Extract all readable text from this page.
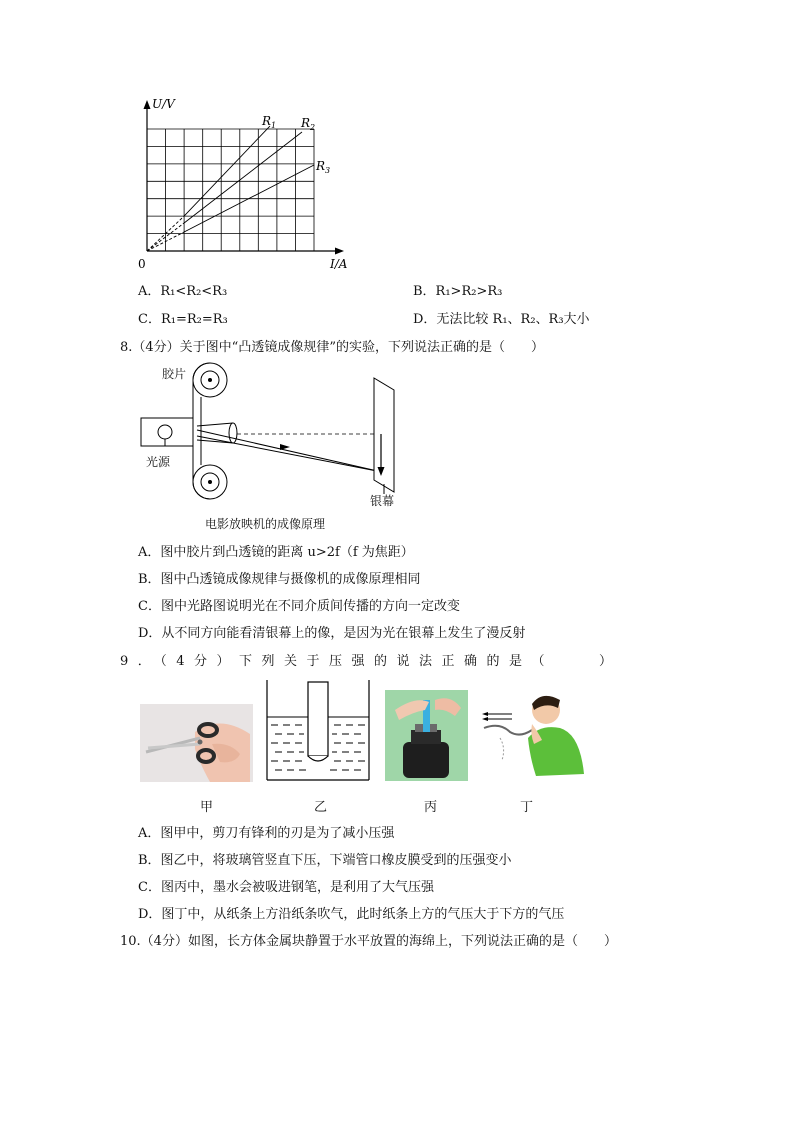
U/V
I/A
0
$R_1$ $R_2$
$R_3$
A．R₁<R₂<R₃	B．R₁>R₂>R₃
C．R₁=R₂=R₃	D．无法比较 R₁、R₂、R₃大小
8.（4分）关于图中“凸透镜成像规律”的实验，下列说法正确的是（　　）
胶片
光源
银幕
电影放映机的成像原理
A．图中胶片到凸透镜的距离 u>2f（f 为焦距）
B．图中凸透镜成像规律与摄像机的成像原理相同
C．图中光路图说明光在不同介质间传播的方向一定改变
D．从不同方向能看清银幕上的像，是因为光在银幕上发生了漫反射
9．（4分）下列关于压强的说法正确的是（　　）
甲	乙	丙	丁
A．图甲中，剪刀有锋利的刃是为了减小压强
B．图乙中，将玻璃管竖直下压，下端管口橡皮膜受到的压强变小
C．图丙中，墨水会被吸进钢笔，是利用了大气压强
D．图丁中，从纸条上方沿纸条吹气，此时纸条上方的气压大于下方的气压
10.（4分）如图，长方体金属块静置于水平放置的海绵上，下列说法正确的是（　　）
